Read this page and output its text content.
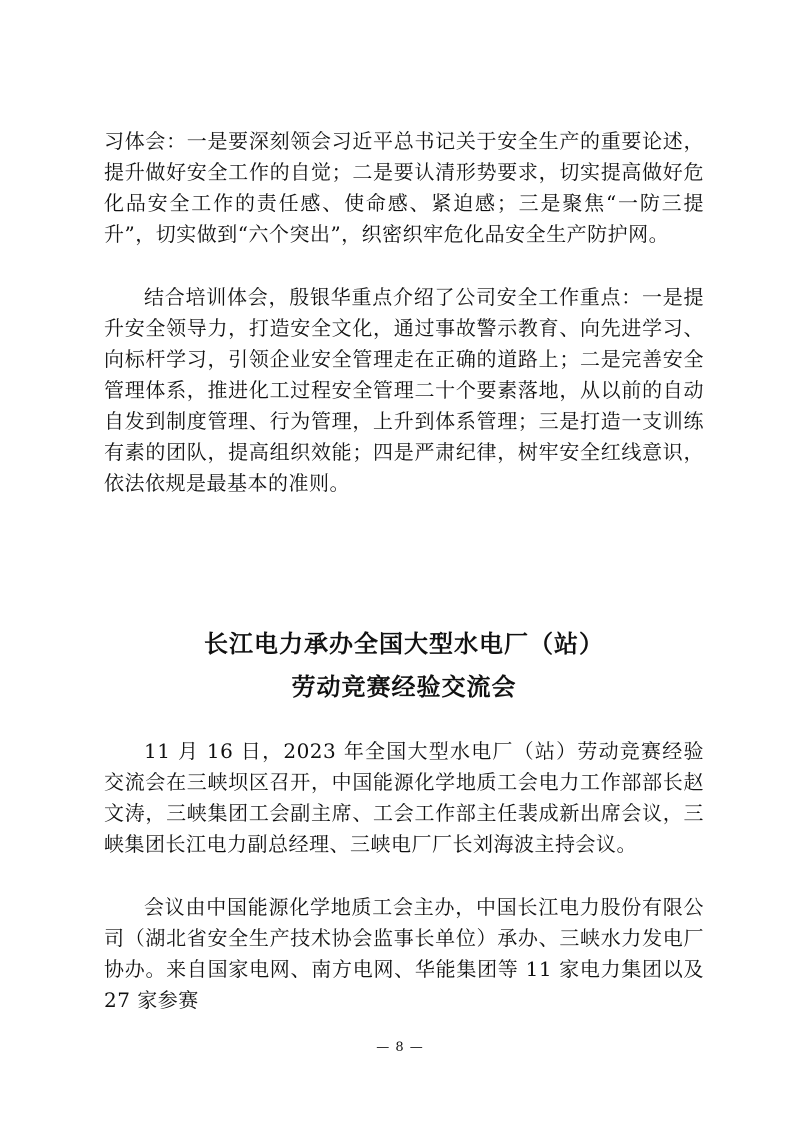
习体会：一是要深刻领会习近平总书记关于安全生产的重要论述，提升做好安全工作的自觉；二是要认清形势要求，切实提高做好危化品安全工作的责任感、使命感、紧迫感；三是聚焦“一防三提升”，切实做到“六个突出”，织密织牢危化品安全生产防护网。

结合培训体会，殷银华重点介绍了公司安全工作重点：一是提升安全领导力，打造安全文化，通过事故警示教育、向先进学习、向标杆学习，引领企业安全管理走在正确的道路上；二是完善安全管理体系，推进化工过程安全管理二十个要素落地，从以前的自动自发到制度管理、行为管理，上升到体系管理；三是打造一支训练有素的团队，提高组织效能；四是严肃纪律，树牢安全红线意识，依法依规是最基本的准则。

长江电力承办全国大型水电厂（站）
劳动竞赛经验交流会

11 月 16 日，2023 年全国大型水电厂（站）劳动竞赛经验交流会在三峡坝区召开，中国能源化学地质工会电力工作部部长赵文涛，三峡集团工会副主席、工会工作部主任裴成新出席会议，三峡集团长江电力副总经理、三峡电厂厂长刘海波主持会议。

会议由中国能源化学地质工会主办，中国长江电力股份有限公司（湖北省安全生产技术协会监事长单位）承办、三峡水力发电厂协办。来自国家电网、南方电网、华能集团等 11 家电力集团以及 27 家参赛

— 8 —
